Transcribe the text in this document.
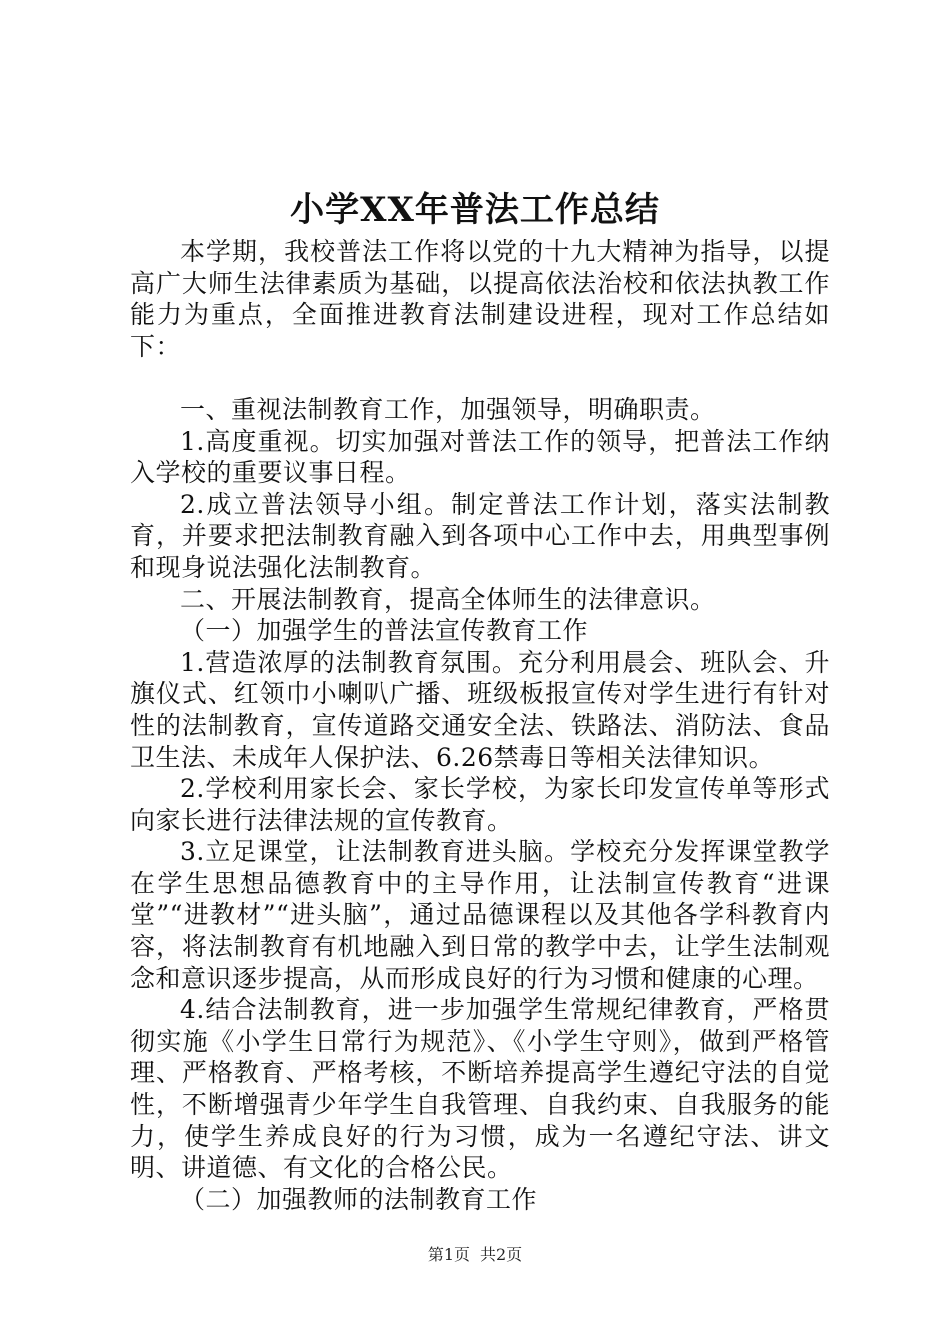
小学XX年普法工作总结

本学期，我校普法工作将以党的十九大精神为指导，以提高广大师生法律素质为基础，以提高依法治校和依法执教工作能力为重点，全面推进教育法制建设进程，现对工作总结如下：

一、重视法制教育工作，加强领导，明确职责。

1.高度重视。切实加强对普法工作的领导，把普法工作纳入学校的重要议事日程。

2.成立普法领导小组。制定普法工作计划，落实法制教育，并要求把法制教育融入到各项中心工作中去，用典型事例和现身说法强化法制教育。

二、开展法制教育，提高全体师生的法律意识。

（一）加强学生的普法宣传教育工作

1.营造浓厚的法制教育氛围。充分利用晨会、班队会、升旗仪式、红领巾小喇叭广播、班级板报宣传对学生进行有针对性的法制教育，宣传道路交通安全法、铁路法、消防法、食品卫生法、未成年人保护法、6.26禁毒日等相关法律知识。

2.学校利用家长会、家长学校，为家长印发宣传单等形式向家长进行法律法规的宣传教育。

3.立足课堂，让法制教育进头脑。学校充分发挥课堂教学在学生思想品德教育中的主导作用，让法制宣传教育“进课堂”“进教材”“进头脑”，通过品德课程以及其他各学科教育内容，将法制教育有机地融入到日常的教学中去，让学生法制观念和意识逐步提高，从而形成良好的行为习惯和健康的心理。

4.结合法制教育，进一步加强学生常规纪律教育，严格贯彻实施《小学生日常行为规范》、《小学生守则》，做到严格管理、严格教育、严格考核，不断培养提高学生遵纪守法的自觉性，不断增强青少年学生自我管理、自我约束、自我服务的能力，使学生养成良好的行为习惯，成为一名遵纪守法、讲文明、讲道德、有文化的合格公民。

（二）加强教师的法制教育工作

第1页 共2页
